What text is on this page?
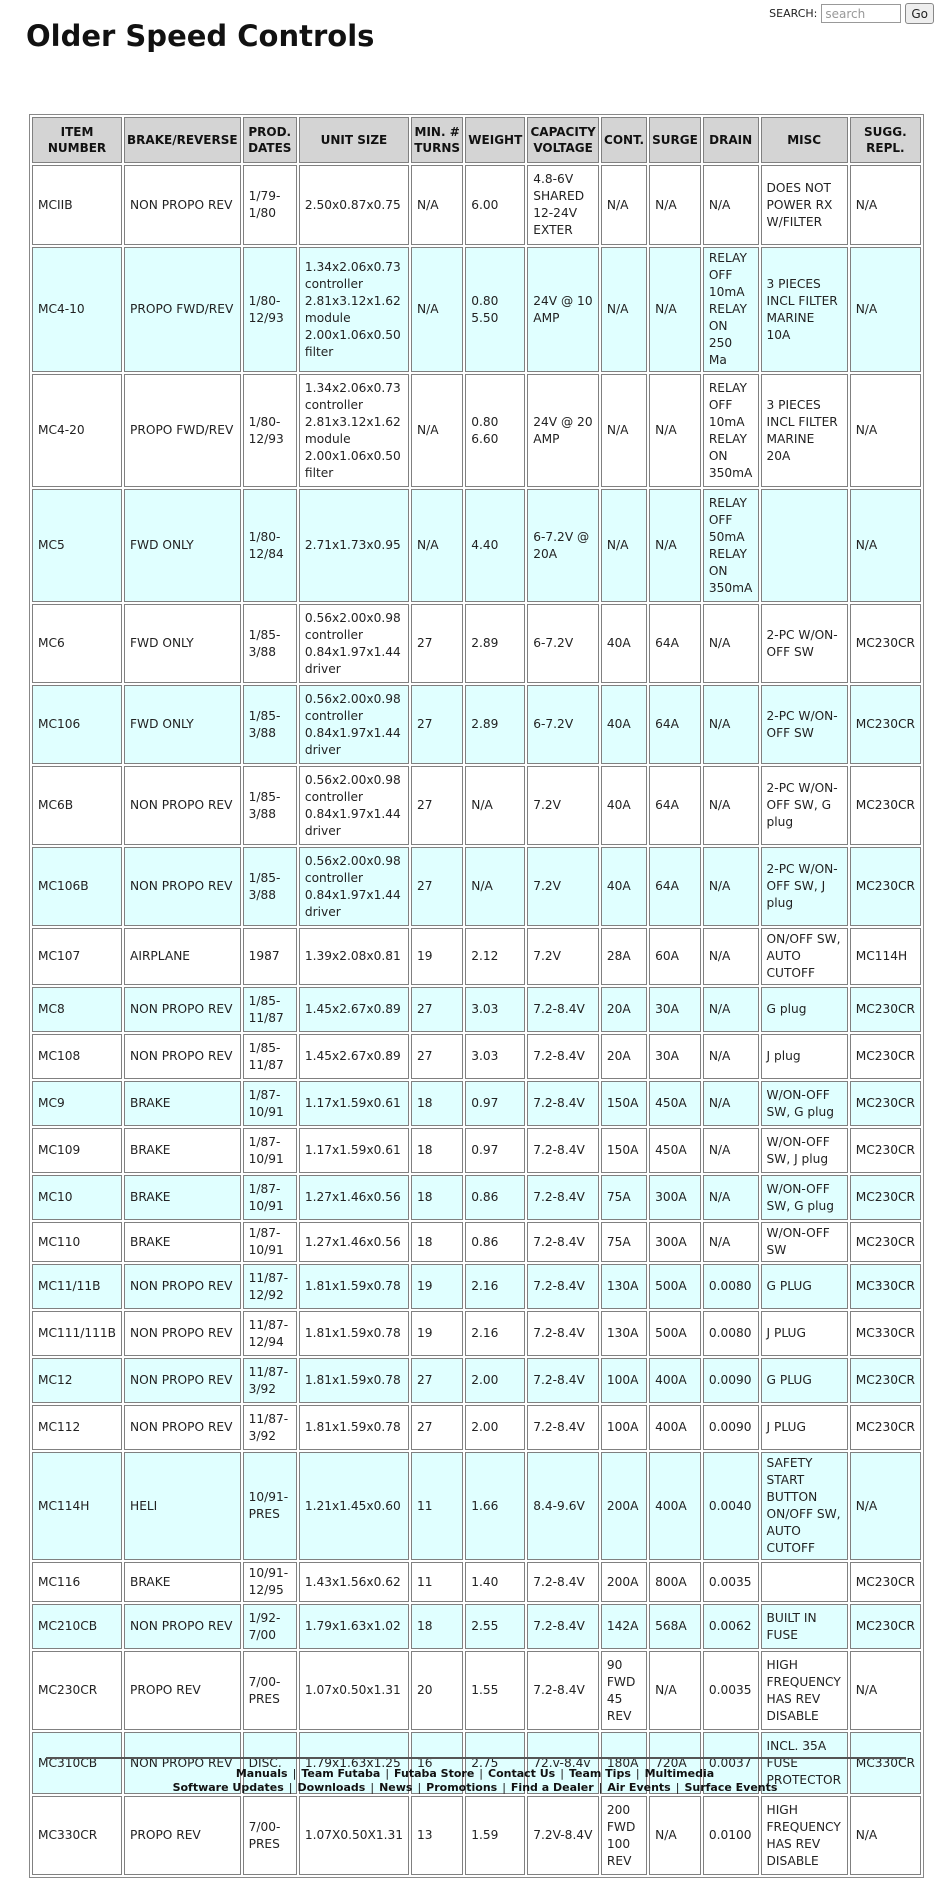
SEARCH:
search	Go
Older Speed Controls
ITEM NUMBER	BRAKE/REVERSE	PROD. DATES	UNIT SIZE	MIN. # TURNS	WEIGHT	CAPACITY VOLTAGE	CONT.	SURGE	DRAIN	MISC	SUGG. REPL.
MCIIB	NON PROPO REV	1/79-1/80	2.50x0.87x0.75	N/A	6.00	4.8-6V SHARED 12-24V EXTER	N/A	N/A	N/A	DOES NOT POWER RX W/FILTER	N/A
MC4-10	PROPO FWD/REV	1/80-12/93	1.34x2.06x0.73 controller 2.81x3.12x1.62 module 2.00x1.06x0.50 filter	N/A	0.80 5.50	24V @ 10 AMP	N/A	N/A	RELAY OFF 10mA RELAY ON 250 Ma	3 PIECES INCL FILTER MARINE 10A	N/A
MC4-20	PROPO FWD/REV	1/80-12/93	1.34x2.06x0.73 controller 2.81x3.12x1.62 module 2.00x1.06x0.50 filter	N/A	0.80 6.60	24V @ 20 AMP	N/A	N/A	RELAY OFF 10mA RELAY ON 350mA	3 PIECES INCL FILTER MARINE 20A	N/A
MC5	FWD ONLY	1/80-12/84	2.71x1.73x0.95	N/A	4.40	6-7.2V @ 20A	N/A	N/A	RELAY OFF 50mA RELAY ON 350mA		N/A
MC6	FWD ONLY	1/85-3/88	0.56x2.00x0.98 controller 0.84x1.97x1.44 driver	27	2.89	6-7.2V	40A	64A	N/A	2-PC W/ON-OFF SW	MC230CR
MC106	FWD ONLY	1/85-3/88	0.56x2.00x0.98 controller 0.84x1.97x1.44 driver	27	2.89	6-7.2V	40A	64A	N/A	2-PC W/ON-OFF SW	MC230CR
MC6B	NON PROPO REV	1/85-3/88	0.56x2.00x0.98 controller 0.84x1.97x1.44 driver	27	N/A	7.2V	40A	64A	N/A	2-PC W/ON-OFF SW, G plug	MC230CR
MC106B	NON PROPO REV	1/85-3/88	0.56x2.00x0.98 controller 0.84x1.97x1.44 driver	27	N/A	7.2V	40A	64A	N/A	2-PC W/ON-OFF SW, J plug	MC230CR
MC107	AIRPLANE	1987	1.39x2.08x0.81	19	2.12	7.2V	28A	60A	N/A	ON/OFF SW, AUTO CUTOFF	MC114H
MC8	NON PROPO REV	1/85-11/87	1.45x2.67x0.89	27	3.03	7.2-8.4V	20A	30A	N/A	G plug	MC230CR
MC108	NON PROPO REV	1/85-11/87	1.45x2.67x0.89	27	3.03	7.2-8.4V	20A	30A	N/A	J plug	MC230CR
MC9	BRAKE	1/87-10/91	1.17x1.59x0.61	18	0.97	7.2-8.4V	150A	450A	N/A	W/ON-OFF SW, G plug	MC230CR
MC109	BRAKE	1/87-10/91	1.17x1.59x0.61	18	0.97	7.2-8.4V	150A	450A	N/A	W/ON-OFF SW, J plug	MC230CR
MC10	BRAKE	1/87-10/91	1.27x1.46x0.56	18	0.86	7.2-8.4V	75A	300A	N/A	W/ON-OFF SW, G plug	MC230CR
MC110	BRAKE	1/87-10/91	1.27x1.46x0.56	18	0.86	7.2-8.4V	75A	300A	N/A	W/ON-OFF SW	MC230CR
MC11/11B	NON PROPO REV	11/87-12/92	1.81x1.59x0.78	19	2.16	7.2-8.4V	130A	500A	0.0080	G PLUG	MC330CR
MC111/111B	NON PROPO REV	11/87-12/94	1.81x1.59x0.78	19	2.16	7.2-8.4V	130A	500A	0.0080	J PLUG	MC330CR
MC12	NON PROPO REV	11/87-3/92	1.81x1.59x0.78	27	2.00	7.2-8.4V	100A	400A	0.0090	G PLUG	MC230CR
MC112	NON PROPO REV	11/87-3/92	1.81x1.59x0.78	27	2.00	7.2-8.4V	100A	400A	0.0090	J PLUG	MC230CR
MC114H	HELI	10/91-PRES	1.21x1.45x0.60	11	1.66	8.4-9.6V	200A	400A	0.0040	SAFETY START BUTTON ON/OFF SW, AUTO CUTOFF	N/A
MC116	BRAKE	10/91-12/95	1.43x1.56x0.62	11	1.40	7.2-8.4V	200A	800A	0.0035		MC230CR
MC210CB	NON PROPO REV	1/92-7/00	1.79x1.63x1.02	18	2.55	7.2-8.4V	142A	568A	0.0062	BUILT IN FUSE	MC230CR
MC230CR	PROPO REV	7/00-PRES	1.07x0.50x1.31	20	1.55	7.2-8.4V	90 FWD 45 REV	N/A	0.0035	HIGH FREQUENCY HAS REV DISABLE	N/A
MC310CB	NON PROPO REV	DISC.	1.79x1.63x1.25	16	2.75	72.v-8.4v	180A	720A	0.0037	INCL. 35A FUSE PROTECTOR	MC330CR
MC330CR	PROPO REV	7/00-PRES	1.07X0.50X1.31	13	1.59	7.2V-8.4V	200 FWD 100 REV	N/A	0.0100	HIGH FREQUENCY HAS REV DISABLE	N/A
Manuals | Team Futaba | Futaba Store | Contact Us | Team Tips | Multimedia
Software Updates | Downloads | News | Promotions | Find a Dealer | Air Events | Surface Events
